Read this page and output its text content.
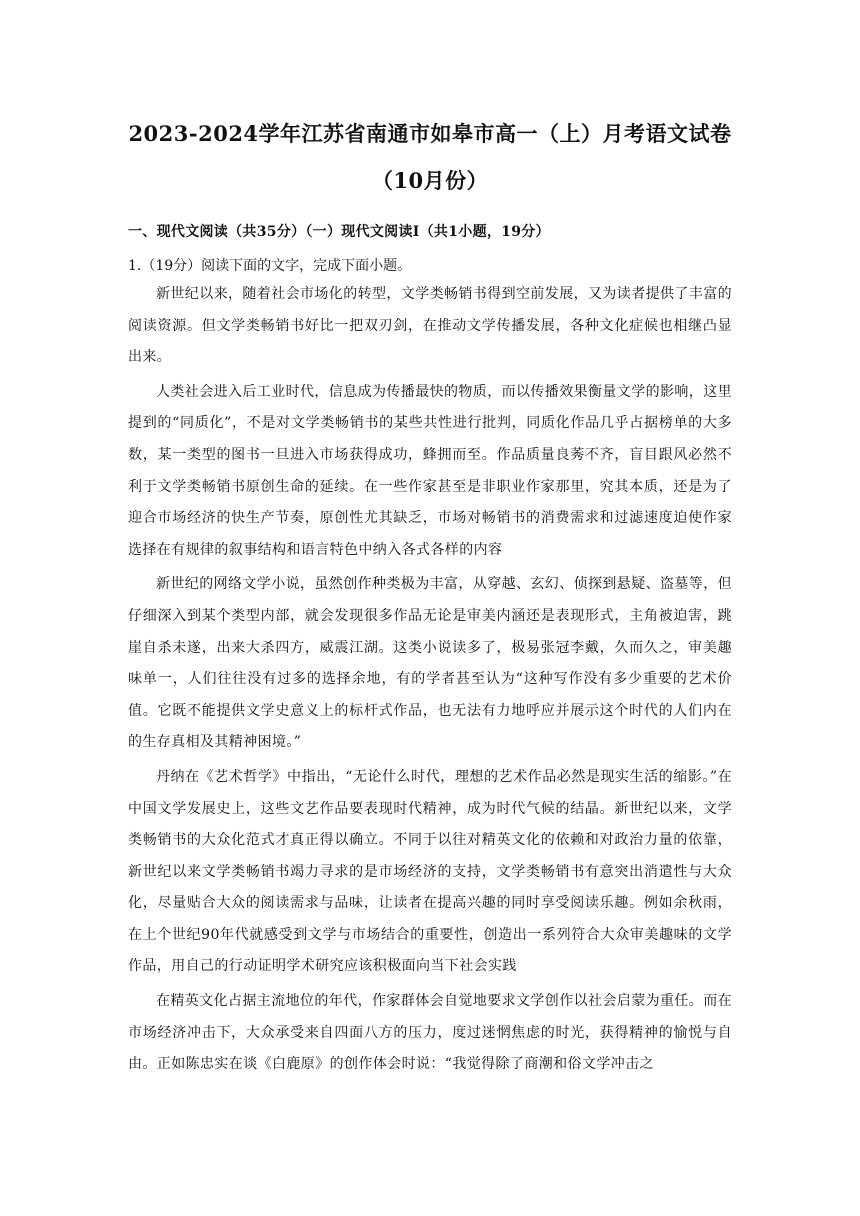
2023-2024学年江苏省南通市如皋市高一（上）月考语文试卷（10月份）
一、现代文阅读（共35分）（一）现代文阅读Ⅰ（共1小题，19分）
1.（19分）阅读下面的文字，完成下面小题。

新世纪以来，随着社会市场化的转型，文学类畅销书得到空前发展，又为读者提供了丰富的阅读资源。但文学类畅销书好比一把双刃剑，在推动文学传播发展，各种文化症候也相继凸显出来。

人类社会进入后工业时代，信息成为传播最快的物质，而以传播效果衡量文学的影响，这里提到的“同质化”，不是对文学类畅销书的某些共性进行批判，同质化作品几乎占据榜单的大多数，某一类型的图书一旦进入市场获得成功，蜂拥而至。作品质量良莠不齐，盲目跟风必然不利于文学类畅销书原创生命的延续。在一些作家甚至是非职业作家那里，究其本质，还是为了迎合市场经济的快生产节奏，原创性尤其缺乏，市场对畅销书的消费需求和过滤速度迫使作家选择在有规律的叙事结构和语言特色中纳入各式各样的内容

新世纪的网络文学小说，虽然创作种类极为丰富，从穿越、玄幻、侦探到悬疑、盗墓等，但仔细深入到某个类型内部，就会发现很多作品无论是审美内涵还是表现形式，主角被迫害，跳崖自杀未遂，出来大杀四方，威震江湖。这类小说读多了，极易张冠李戴，久而久之，审美趣味单一，人们往往没有过多的选择余地，有的学者甚至认为“这种写作没有多少重要的艺术价值。它既不能提供文学史意义上的标杆式作品，也无法有力地呼应并展示这个时代的人们内在的生存真相及其精神困境。”

丹纳在《艺术哲学》中指出，“无论什么时代，理想的艺术作品必然是现实生活的缩影。”在中国文学发展史上，这些文艺作品要表现时代精神，成为时代气候的结晶。新世纪以来，文学类畅销书的大众化范式才真正得以确立。不同于以往对精英文化的依赖和对政治力量的依靠，新世纪以来文学类畅销书竭力寻求的是市场经济的支持，文学类畅销书有意突出消遣性与大众化，尽量贴合大众的阅读需求与品味，让读者在提高兴趣的同时享受阅读乐趣。例如余秋雨，在上个世纪90年代就感受到文学与市场结合的重要性，创造出一系列符合大众审美趣味的文学作品，用自己的行动证明学术研究应该积极面向当下社会实践

在精英文化占据主流地位的年代，作家群体会自觉地要求文学创作以社会启蒙为重任。而在市场经济冲击下，大众承受来自四面八方的压力，度过迷惘焦虑的时光，获得精神的愉悦与自由。正如陈忠实在谈《白鹿原》的创作体会时说：“我觉得除了商潮和俗文学冲击之
